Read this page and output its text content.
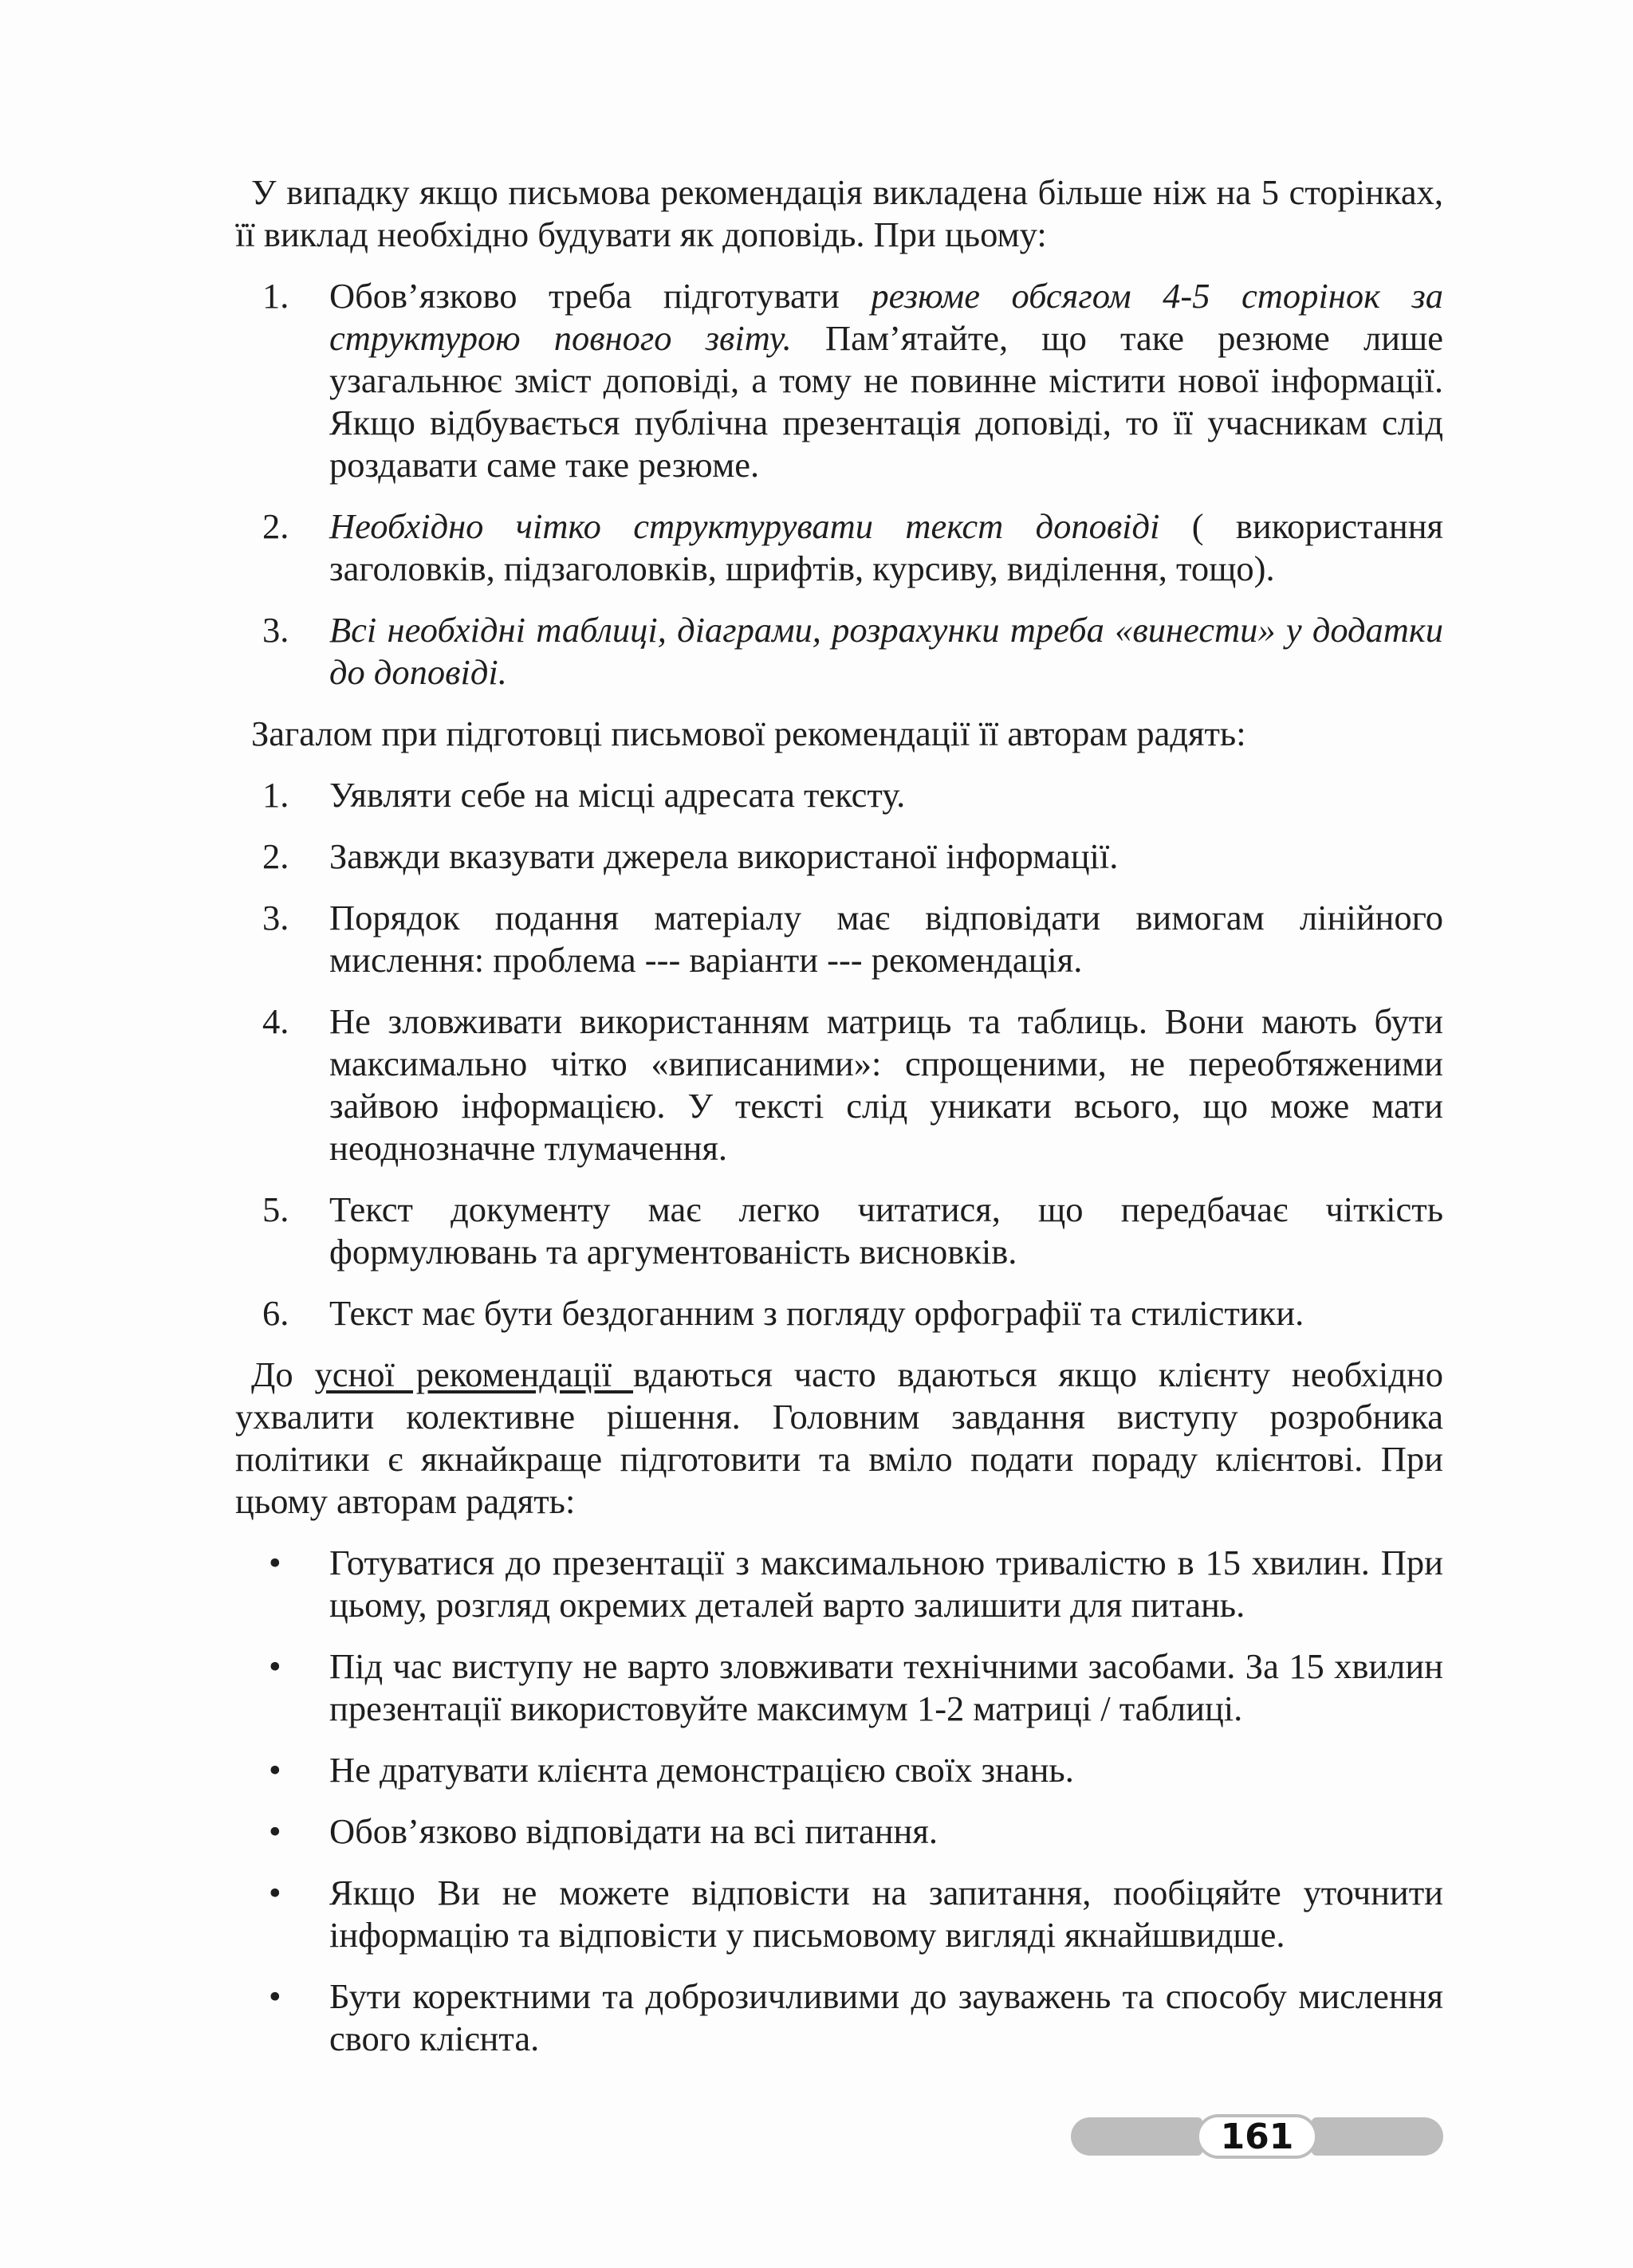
У випадку якщо письмова рекомендація викладена більше ніж на 5 сторінках, її виклад необхідно будувати як доповідь. При цьому:

1. Обов’язково треба підготувати резюме обсягом 4-5 сторінок за структурою повного звіту. Пам’ятайте, що таке резюме лише узагальнює зміст доповіді, а тому не повинне містити нової інформації. Якщо відбувається публічна презентація доповіді, то її учасникам слід роздавати саме таке резюме.
2. Необхідно чітко структурувати текст доповіді ( використання заголовків, підзаголовків, шрифтів, курсиву, виділення, тощо).
3. Всі необхідні таблиці, діаграми, розрахунки треба «винести» у додатки до доповіді.

Загалом при підготовці письмової рекомендації її авторам радять:

1. Уявляти себе на місці адресата тексту.
2. Завжди вказувати джерела використаної інформації.
3. Порядок подання матеріалу має відповідати вимогам лінійного мислення: проблема --- варіанти --- рекомендація.
4. Не зловживати використанням матриць та таблиць. Вони мають бути максимально чітко «виписаними»: спрощеними, не переобтяженими зайвою інформацією. У тексті слід уникати всього, що може мати неоднозначне тлумачення.
5. Текст документу має легко читатися, що передбачає чіткість формулювань та аргументованість висновків.
6. Текст має бути бездоганним з погляду орфографії та стилістики.

До усної рекомендації вдаються часто вдаються якщо клієнту необхідно ухвалити колективне рішення. Головним завдання виступу розробника політики є якнайкраще підготовити та вміло подати пораду клієнтові. При цьому авторам радять:

• Готуватися до презентації з максимальною тривалістю в 15 хвилин. При цьому, розгляд окремих деталей варто залишити для питань.
• Під час виступу не варто зловживати технічними засобами. За 15 хвилин презентації використовуйте максимум 1-2 матриці / таблиці.
• Не дратувати клієнта демонстрацією своїх знань.
• Обов’язково відповідати на всі питання.
• Якщо Ви не можете відповісти на запитання, пообіцяйте уточнити інформацію та відповісти у письмовому вигляді якнайшвидше.
• Бути коректними та доброзичливими до зауважень та способу мислення свого клієнта.
161
